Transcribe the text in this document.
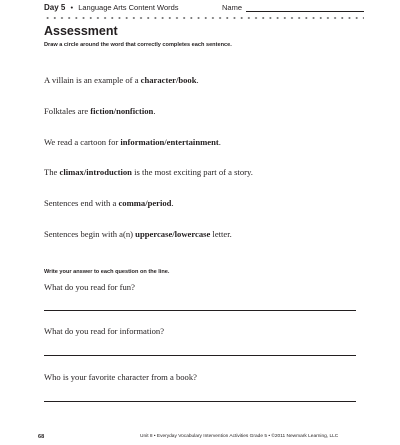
Day 5 • Language Arts Content Words	Name
Assessment
Draw a circle around the word that correctly completes each sentence.
A villain is an example of a character/book.
Folktales are fiction/nonfiction.
We read a cartoon for information/entertainment.
The climax/introduction is the most exciting part of a story.
Sentences end with a comma/period.
Sentences begin with a(n) uppercase/lowercase letter.
Write your answer to each question on the line.
What do you read for fun?
What do you read for information?
Who is your favorite character from a book?
68	Unit 8 • Everyday Vocabulary Intervention Activities Grade 5 • ©2011 Newmark Learning, LLC
